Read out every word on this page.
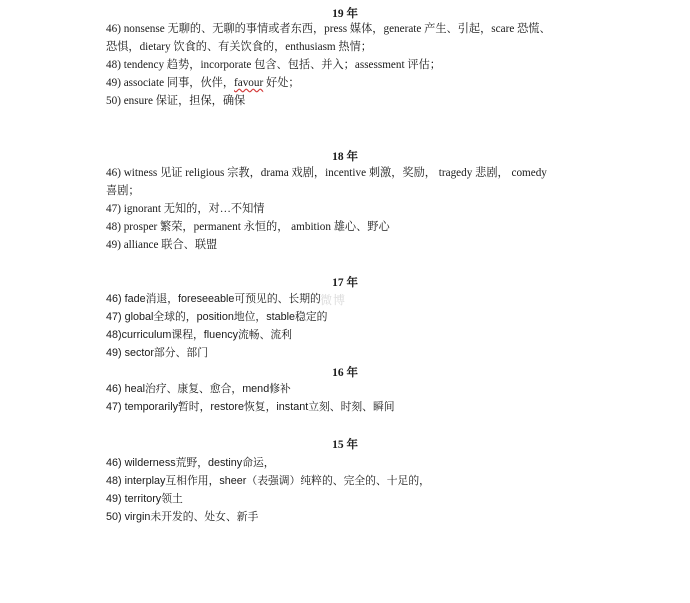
19 年
46) nonsense 无聊的、无聊的事情或者东西，press 媒体，generate 产生、引起，scare 恐慌、
恐惧，dietary 饮食的、有关饮食的，enthusiasm 热情；
48) tendency 趋势，incorporate 包含、包括、并入；assessment 评估；
49) associate 同事，伙伴，favour 好处；
50) ensure 保证，担保，确保
18 年
46) witness 见证 religious 宗教，drama 戏剧，incentive 刺激，奖励， tragedy 悲剧， comedy
喜剧；
47) ignorant 无知的，对…不知情
48) prosper 繁荣，permanent 永恒的， ambition 雄心、野心
49) alliance 联合、联盟
17 年
46) fade消退，foreseeable可预见的、长期的
47) global全球的，position地位，stable稳定的
48)curriculum课程，fluency流畅、流利
49) sector部分、部门
16 年
46) heal治疗、康复、愈合，mend修补
47) temporarily暂时，restore恢复，instant立刻、时刻、瞬间
15 年
46) wilderness荒野，destiny命运，
48) interplay互相作用，sheer（表强调）纯粹的、完全的、十足的，
49) territory领土
50) virgin未开发的、处女、新手
微博
